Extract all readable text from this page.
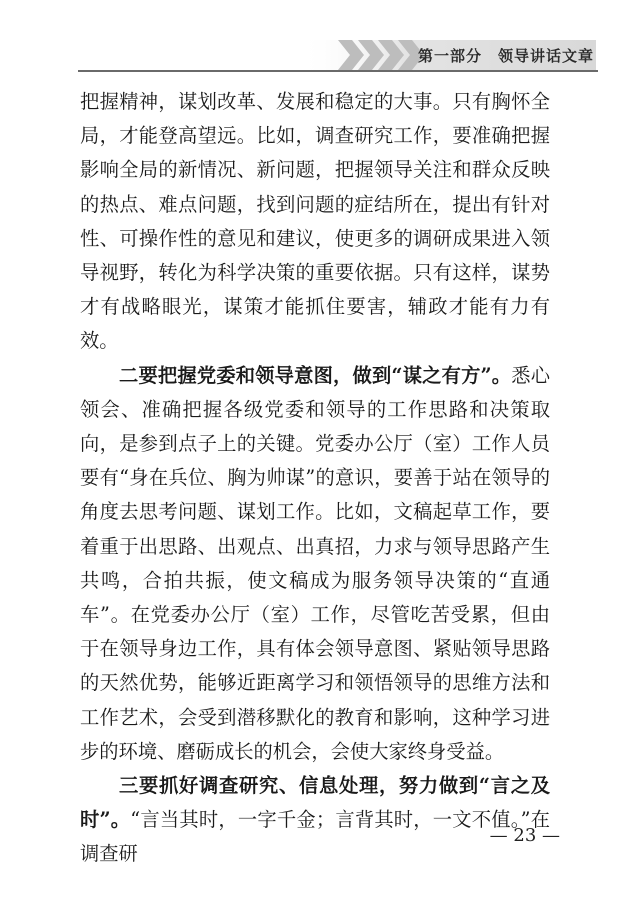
第一部分　领导讲话文章

把握精神，谋划改革、发展和稳定的大事。只有胸怀全局，才能登高望远。比如，调查研究工作，要准确把握影响全局的新情况、新问题，把握领导关注和群众反映的热点、难点问题，找到问题的症结所在，提出有针对性、可操作性的意见和建议，使更多的调研成果进入领导视野，转化为科学决策的重要依据。只有这样，谋势才有战略眼光，谋策才能抓住要害，辅政才能有力有效。

二要把握党委和领导意图，做到“谋之有方”。悉心领会、准确把握各级党委和领导的工作思路和决策取向，是参到点子上的关键。党委办公厅（室）工作人员要有“身在兵位、胸为帅谋”的意识，要善于站在领导的角度去思考问题、谋划工作。比如，文稿起草工作，要着重于出思路、出观点、出真招，力求与领导思路产生共鸣，合拍共振，使文稿成为服务领导决策的“直通车”。在党委办公厅（室）工作，尽管吃苦受累，但由于在领导身边工作，具有体会领导意图、紧贴领导思路的天然优势，能够近距离学习和领悟领导的思维方法和工作艺术，会受到潜移默化的教育和影响，这种学习进步的环境、磨砺成长的机会，会使大家终身受益。

三要抓好调查研究、信息处理，努力做到“言之及时”。“言当其时，一字千金；言背其时，一文不值。”在调查研

— 23 —
